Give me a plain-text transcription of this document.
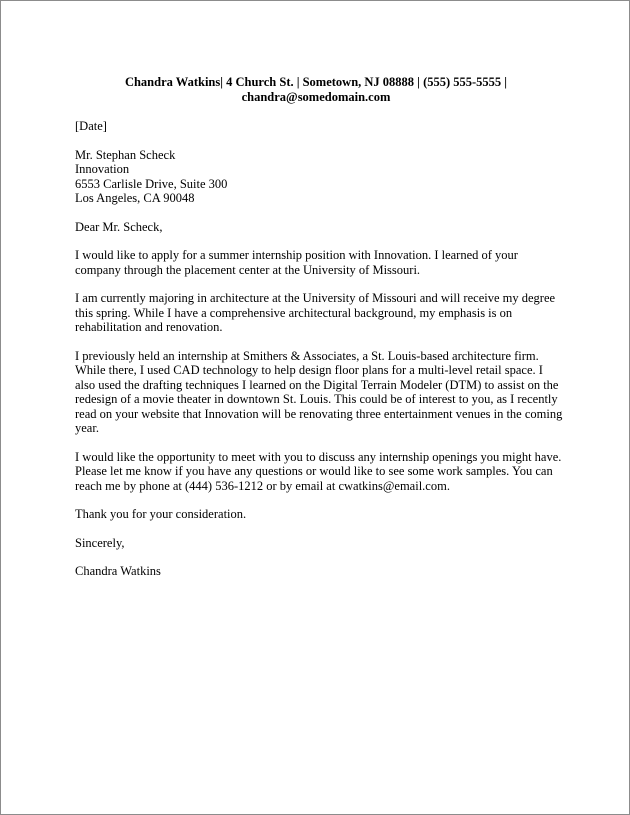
Chandra Watkins| 4 Church St. | Sometown, NJ 08888 | (555) 555-5555 |
chandra@somedomain.com
[Date]
Mr. Stephan Scheck
Innovation
6553 Carlisle Drive, Suite 300
Los Angeles, CA 90048
Dear Mr. Scheck,
I would like to apply for a summer internship position with Innovation. I learned of your
company through the placement center at the University of Missouri.
I am currently majoring in architecture at the University of Missouri and will receive my degree
this spring. While I have a comprehensive architectural background, my emphasis is on
rehabilitation and renovation.
I previously held an internship at Smithers & Associates, a St. Louis-based architecture firm.
While there, I used CAD technology to help design floor plans for a multi-level retail space. I
also used the drafting techniques I learned on the Digital Terrain Modeler (DTM) to assist on the
redesign of a movie theater in downtown St. Louis. This could be of interest to you, as I recently
read on your website that Innovation will be renovating three entertainment venues in the coming
year.
I would like the opportunity to meet with you to discuss any internship openings you might have.
Please let me know if you have any questions or would like to see some work samples. You can
reach me by phone at (444) 536-1212 or by email at cwatkins@email.com.
Thank you for your consideration.
Sincerely,
Chandra Watkins
